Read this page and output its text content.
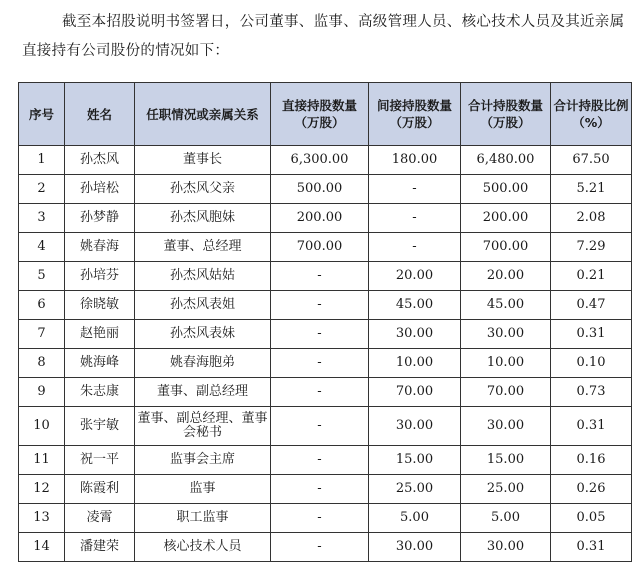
截至本招股说明书签署日，公司董事、监事、高级管理人员、核心技术人员及其近亲属直接持有公司股份的情况如下：
序号	姓名	任职情况或亲属关系	直接持股数量（万股）	间接持股数量（万股）	合计持股数量（万股）	合计持股比例（%）
1	孙杰风	董事长	6,300.00	180.00	6,480.00	67.50
2	孙培松	孙杰风父亲	500.00	-	500.00	5.21
3	孙梦静	孙杰风胞妹	200.00	-	200.00	2.08
4	姚春海	董事、总经理	700.00	-	700.00	7.29
5	孙培芬	孙杰风姑姑	-	20.00	20.00	0.21
6	徐晓敏	孙杰风表姐	-	45.00	45.00	0.47
7	赵艳丽	孙杰风表妹	-	30.00	30.00	0.31
8	姚海峰	姚春海胞弟	-	10.00	10.00	0.10
9	朱志康	董事、副总经理	-	70.00	70.00	0.73
10	张宇敏	董事、副总经理、董事会秘书	-	30.00	30.00	0.31
11	祝一平	监事会主席	-	15.00	15.00	0.16
12	陈霞利	监事	-	25.00	25.00	0.26
13	凌霄	职工监事	-	5.00	5.00	0.05
14	潘建荣	核心技术人员	-	30.00	30.00	0.31
